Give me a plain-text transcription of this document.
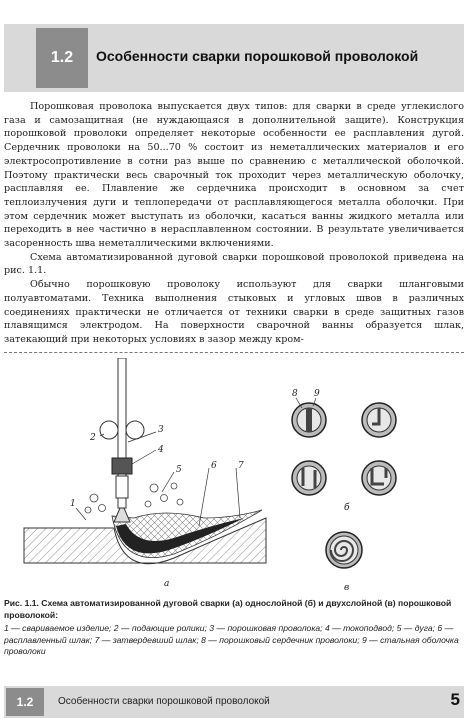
1.2	Особенности сварки порошковой проволокой

Порошковая проволока выпускается двух типов: для сварки в среде углекислого газа и самозащитная (не нуждающаяся в дополнительной защите). Конструкция порошковой проволоки определяет некоторые особенности ее расплавления дугой. Сердечник проволоки на 50...70 % состоит из неметаллических материалов и его электросопротивление в сотни раз выше по сравнению с металлической оболочкой. Поэтому практически весь сварочный ток проходит через металлическую оболочку, расплавляя ее. Плавление же сердечника происходит в основном за счет теплоизлучения дуги и теплопередачи от расплавляющегося металла оболочки. При этом сердечник может выступать из оболочки, касаться ванны жидкого металла или переходить в нее частично в нерасплавленном состоянии. В результате увеличивается засоренность шва неметаллическими включениями.

Схема автоматизированной дуговой сварки порошковой проволокой приведена на рис. 1.1.

Обычно порошковую проволоку используют для сварки шланговыми полуавтоматами. Техника выполнения стыковых и угловых швов в различных соединениях практически не отличается от техники сварки в среде защитных газов плавящимся электродом. На поверхности сварочной ванны образуется шлак, затекающий при некоторых условиях в зазор между кром-

1
2
3
4
5	6 7
а
8 9
б
в
Рис. 1.1. Схема автоматизированной дуговой сварки (а) однослойной (б) и двухслойной (в) порошковой проволокой:
1 — свариваемое изделие; 2 — подающие ролики; 3 — порошковая проволока; 4 — токоподвод; 5 — дуга; 6 — расплавленный шлак; 7 — затвердевший шлак; 8 — порошковый сердечник проволоки; 9 — стальная оболочка проволоки
1.2	Особенности сварки порошковой проволокой	5
